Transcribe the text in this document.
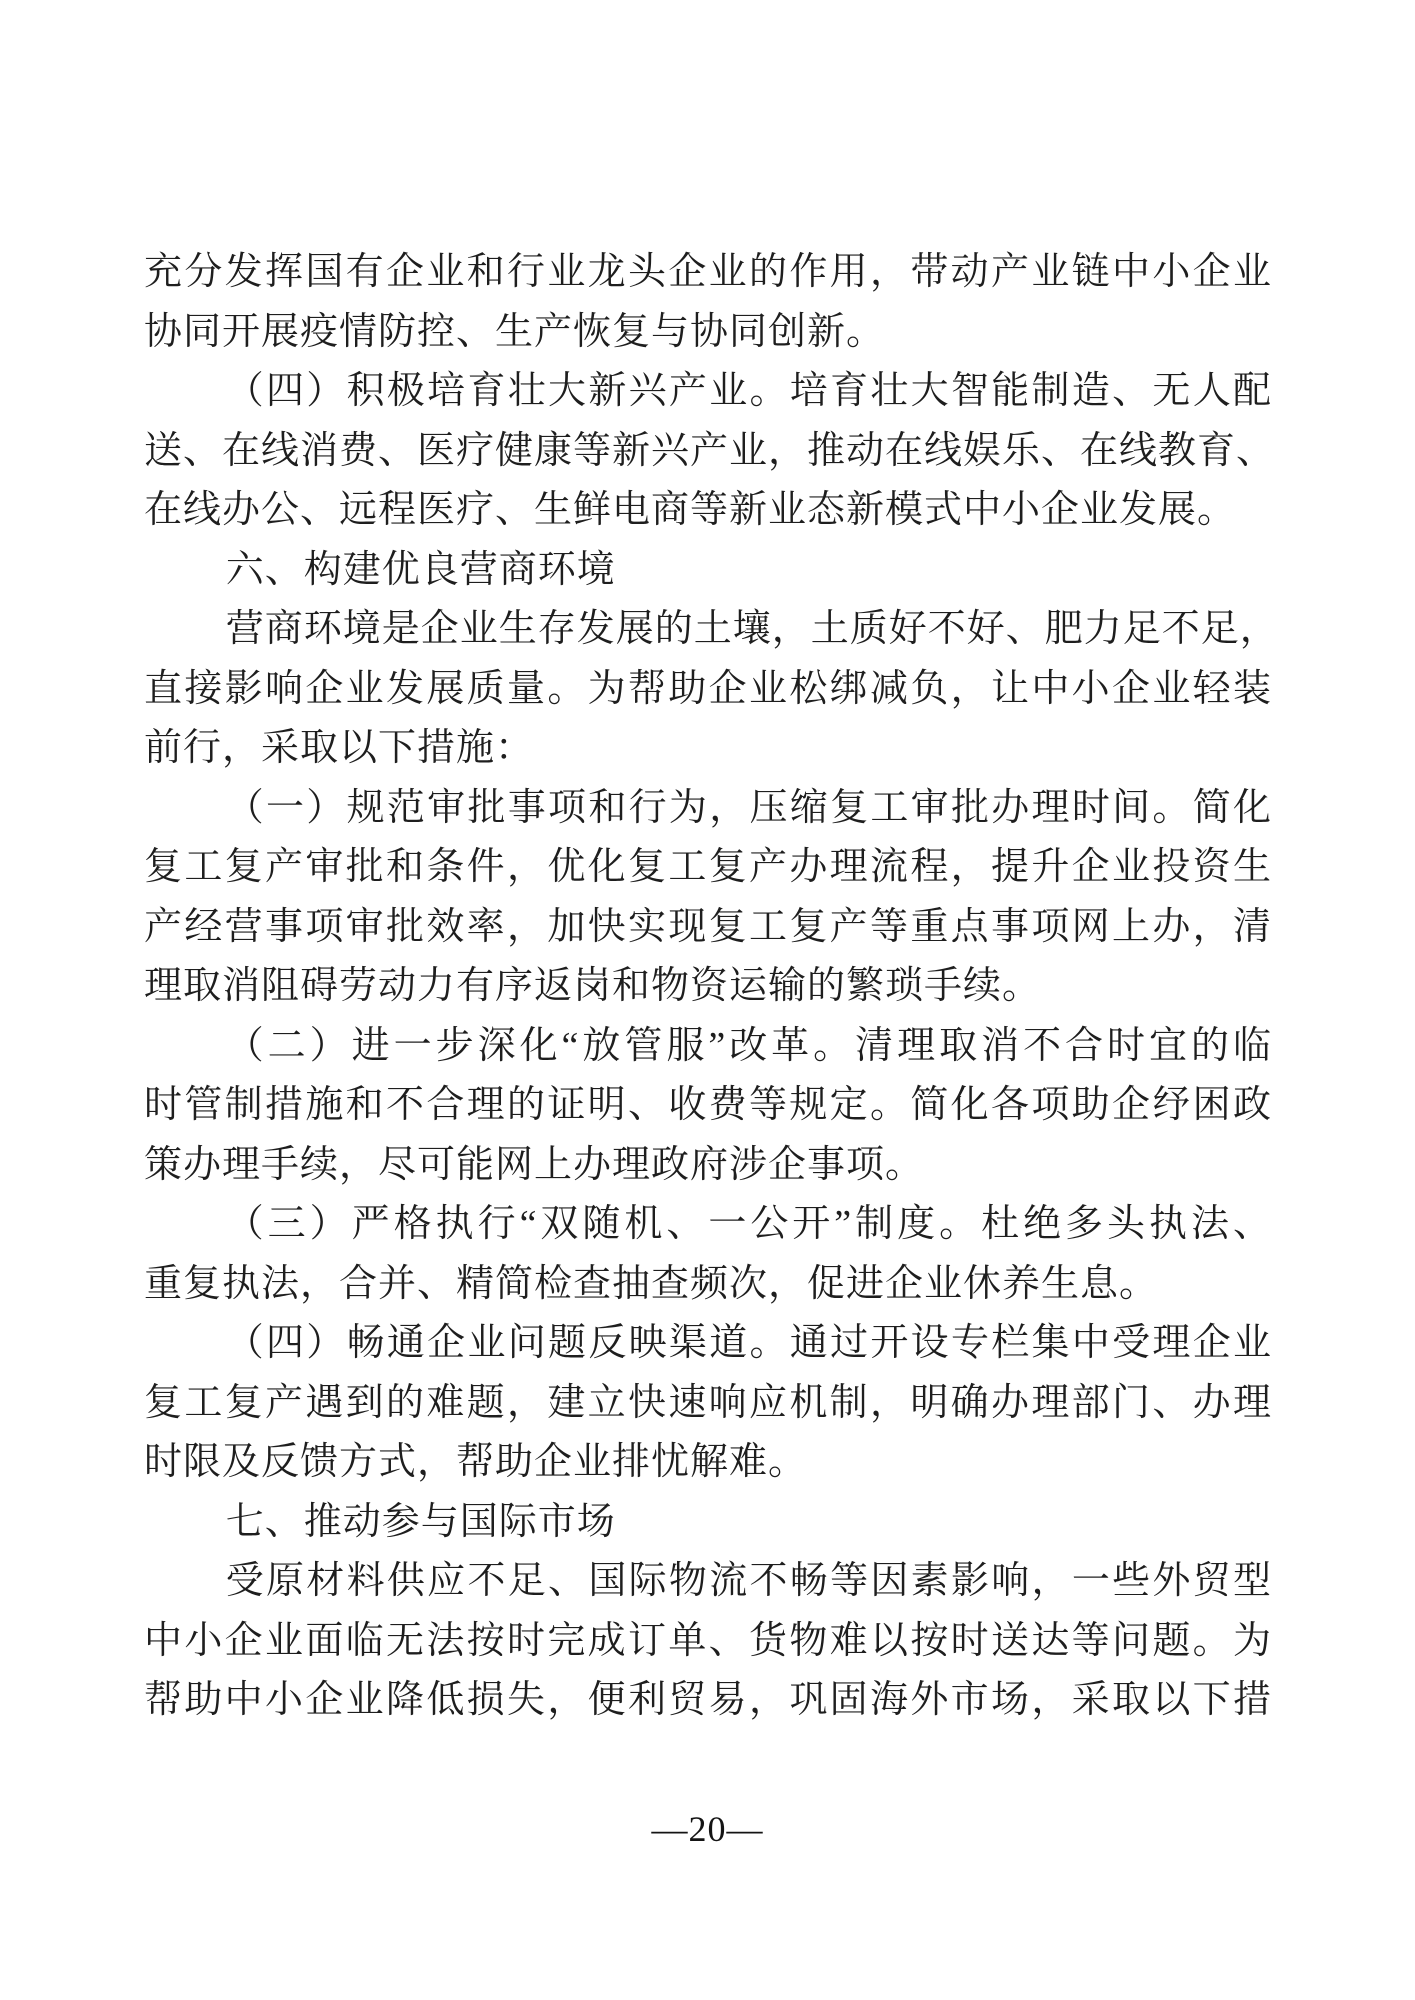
充分发挥国有企业和行业龙头企业的作用，带动产业链中小企业
协同开展疫情防控、生产恢复与协同创新。
（四）积极培育壮大新兴产业。培育壮大智能制造、无人配
送、在线消费、医疗健康等新兴产业，推动在线娱乐、在线教育、
在线办公、远程医疗、生鲜电商等新业态新模式中小企业发展。
六、构建优良营商环境
营商环境是企业生存发展的土壤，土质好不好、肥力足不足，
直接影响企业发展质量。为帮助企业松绑减负，让中小企业轻装
前行，采取以下措施：
（一）规范审批事项和行为，压缩复工审批办理时间。简化
复工复产审批和条件，优化复工复产办理流程，提升企业投资生
产经营事项审批效率，加快实现复工复产等重点事项网上办，清
理取消阻碍劳动力有序返岗和物资运输的繁琐手续。
（二）进一步深化“放管服”改革。清理取消不合时宜的临
时管制措施和不合理的证明、收费等规定。简化各项助企纾困政
策办理手续，尽可能网上办理政府涉企事项。
（三）严格执行“双随机、一公开”制度。杜绝多头执法、
重复执法，合并、精简检查抽查频次，促进企业休养生息。
（四）畅通企业问题反映渠道。通过开设专栏集中受理企业
复工复产遇到的难题，建立快速响应机制，明确办理部门、办理
时限及反馈方式，帮助企业排忧解难。
七、推动参与国际市场
受原材料供应不足、国际物流不畅等因素影响，一些外贸型
中小企业面临无法按时完成订单、货物难以按时送达等问题。为
帮助中小企业降低损失，便利贸易，巩固海外市场，采取以下措
—20—
